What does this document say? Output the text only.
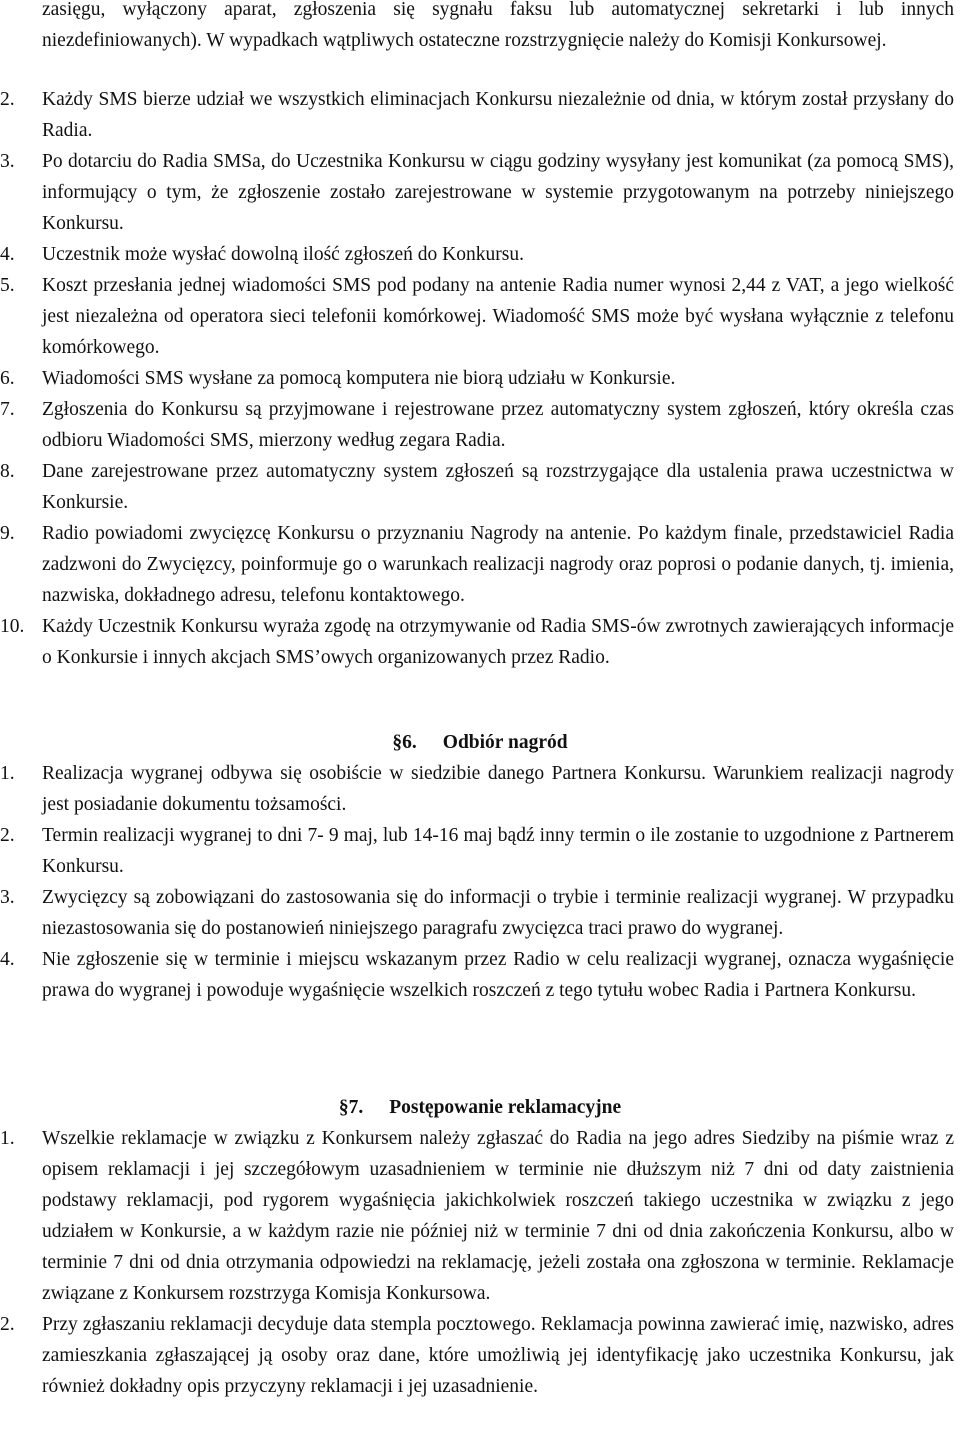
zasięgu, wyłączony aparat, zgłoszenia się sygnału faksu lub automatycznej sekretarki i lub innych niezdefiniowanych). W wypadkach wątpliwych ostateczne rozstrzygnięcie należy do Komisji Konkursowej.

2.	Każdy SMS bierze udział we wszystkich eliminacjach Konkursu niezależnie od dnia, w którym został przysłany do Radia.
3.	Po dotarciu do Radia SMSa, do Uczestnika Konkursu w ciągu godziny wysyłany jest komunikat (za pomocą SMS), informujący o tym, że zgłoszenie zostało zarejestrowane w systemie przygotowanym na potrzeby niniejszego Konkursu.
4.	Uczestnik może wysłać dowolną ilość zgłoszeń do Konkursu.
5.	Koszt przesłania jednej wiadomości SMS pod podany na antenie Radia numer wynosi 2,44 z VAT, a jego wielkość jest niezależna od operatora sieci telefonii komórkowej. Wiadomość SMS może być wysłana wyłącznie z telefonu komórkowego.
6.	Wiadomości SMS wysłane za pomocą komputera nie biorą udziału w Konkursie.
7.	Zgłoszenia do Konkursu są przyjmowane i rejestrowane przez automatyczny system zgłoszeń, który określa czas odbioru Wiadomości SMS, mierzony według zegara Radia.
8.	Dane zarejestrowane przez automatyczny system zgłoszeń są rozstrzygające dla ustalenia prawa uczestnictwa w Konkursie.
9.	Radio powiadomi zwycięzcę Konkursu o przyznaniu Nagrody na antenie. Po każdym finale, przedstawiciel Radia zadzwoni do Zwycięzcy, poinformuje go o warunkach realizacji nagrody oraz poprosi o podanie danych, tj. imienia, nazwiska, dokładnego adresu, telefonu kontaktowego.
10. Każdy Uczestnik Konkursu wyraża zgodę na otrzymywanie od Radia SMS-ów zwrotnych zawierających informacje o Konkursie i innych akcjach SMS’owych organizowanych przez Radio.
§6. Odbiór nagród
1.	Realizacja wygranej odbywa się osobiście w siedzibie danego Partnera Konkursu. Warunkiem realizacji nagrody jest posiadanie dokumentu tożsamości.
2.	Termin realizacji wygranej to dni 7- 9 maj, lub 14-16 maj bądź inny termin o ile zostanie to uzgodnione z Partnerem Konkursu.
3.	Zwycięzcy są zobowiązani do zastosowania się do informacji o trybie i terminie realizacji wygranej. W przypadku niezastosowania się do postanowień niniejszego paragrafu zwycięzca traci prawo do wygranej.
4.	Nie zgłoszenie się w terminie i miejscu wskazanym przez Radio w celu realizacji wygranej, oznacza wygaśnięcie prawa do wygranej i powoduje wygaśnięcie wszelkich roszczeń z tego tytułu wobec Radia i Partnera Konkursu.
§7. Postępowanie reklamacyjne
1.	Wszelkie reklamacje w związku z Konkursem należy zgłaszać do Radia na jego adres Siedziby na piśmie wraz z opisem reklamacji i jej szczegółowym uzasadnieniem w terminie nie dłuższym niż 7 dni od daty zaistnienia podstawy reklamacji, pod rygorem wygaśnięcia jakichkolwiek roszczeń takiego uczestnika w związku z jego udziałem w Konkursie, a w każdym razie nie później niż w terminie 7 dni od dnia zakończenia Konkursu, albo w terminie 7 dni od dnia otrzymania odpowiedzi na reklamację, jeżeli została ona zgłoszona w terminie. Reklamacje związane z Konkursem rozstrzyga Komisja Konkursowa.
2.	Przy zgłaszaniu reklamacji decyduje data stempla pocztowego. Reklamacja powinna zawierać imię, nazwisko, adres zamieszkania zgłaszającej ją osoby oraz dane, które umożliwią jej identyfikację jako uczestnika Konkursu, jak również dokładny opis przyczyny reklamacji i jej uzasadnienie.
